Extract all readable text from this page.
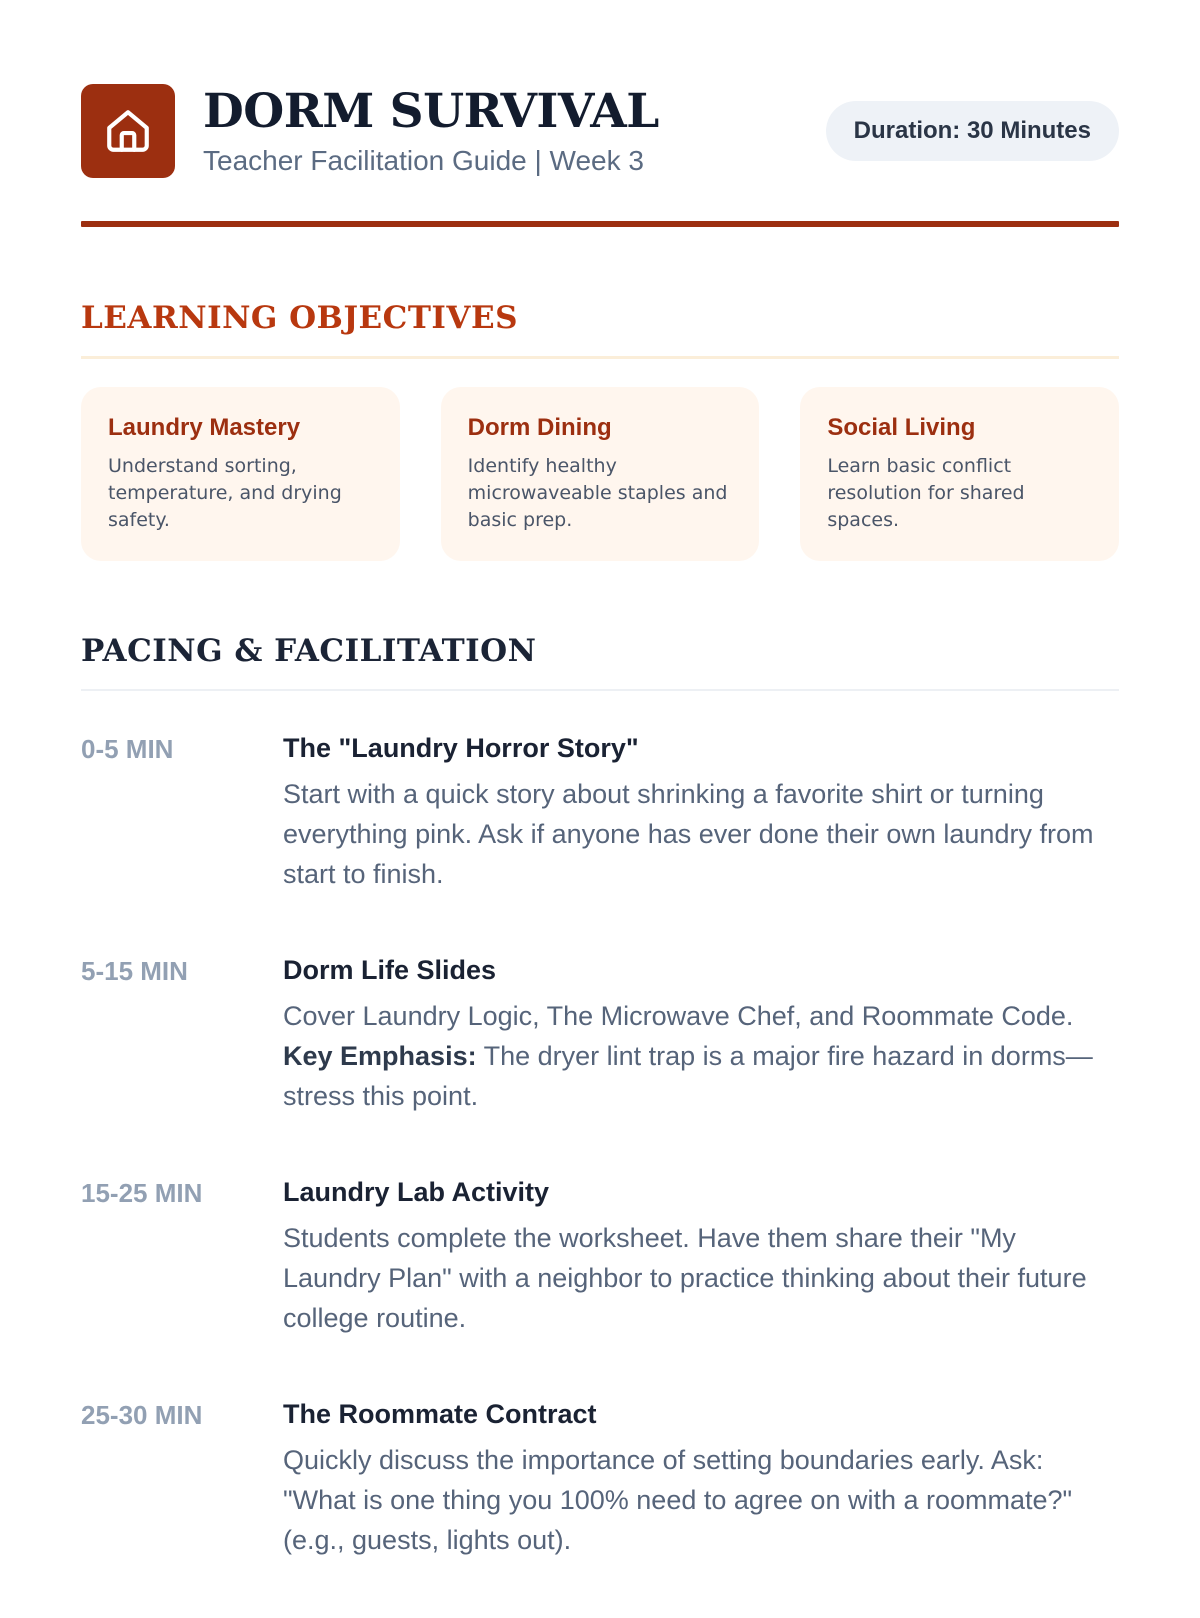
DORM SURVIVAL
Teacher Facilitation Guide | Week 3
Duration: 30 Minutes
LEARNING OBJECTIVES
Laundry Mastery

Understand sorting, temperature, and drying safety.

Dorm Dining

Identify healthy microwaveable staples and basic prep.

Social Living

Learn basic conflict resolution for shared spaces.

PACING & FACILITATION
0-5 MIN	The "Laundry Horror Story"

Start with a quick story about shrinking a favorite shirt or turning everything pink. Ask if anyone has ever done their own laundry from start to finish.

5-15 MIN	Dorm Life Slides

Cover Laundry Logic, The Microwave Chef, and Roommate Code. Key Emphasis: The dryer lint trap is a major fire hazard in dorms—stress this point.

15-25 MIN	Laundry Lab Activity

Students complete the worksheet. Have them share their "My Laundry Plan" with a neighbor to practice thinking about their future college routine.

25-30 MIN	The Roommate Contract

Quickly discuss the importance of setting boundaries early. Ask: "What is one thing you 100% need to agree on with a roommate?" (e.g., guests, lights out).
